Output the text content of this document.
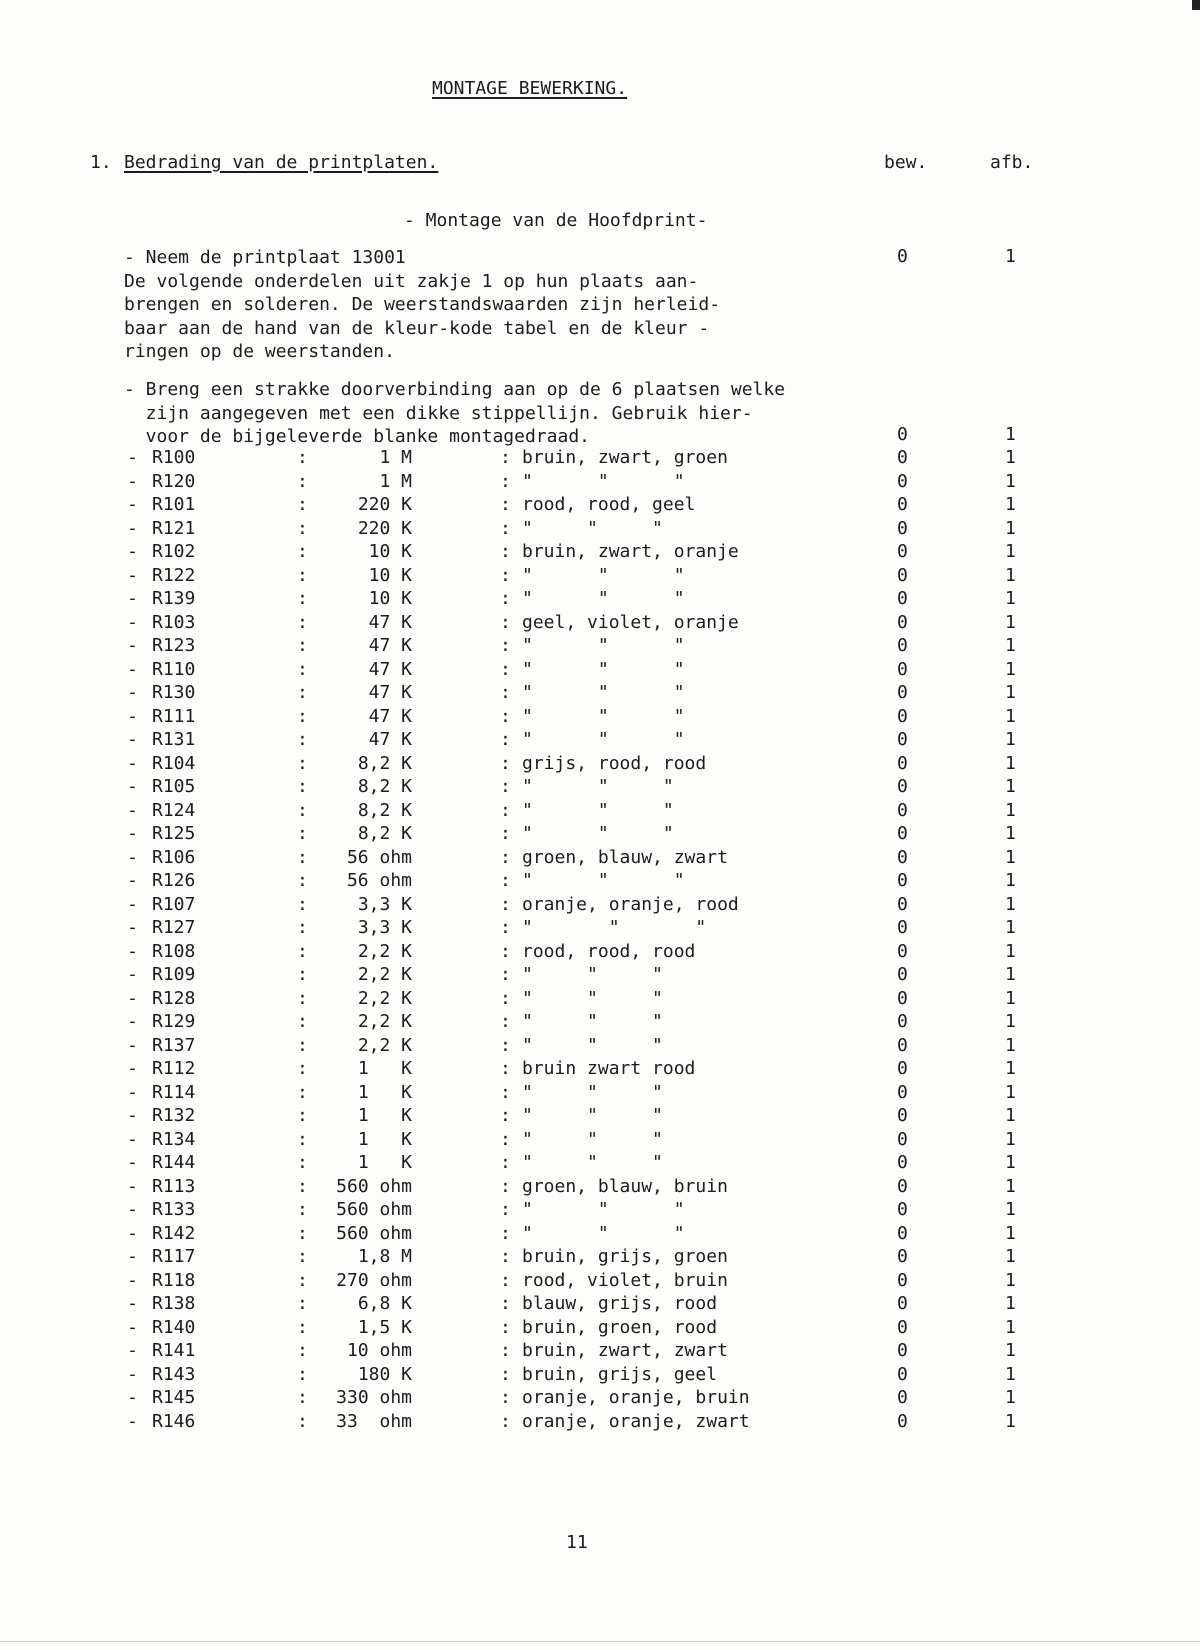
MONTAGE BEWERKING.
1. Bedrading van de printplaten.	bew.	afb.
- Montage van de Hoofdprint-
- Neem de printplaat 13001
De volgende onderdelen uit zakje 1 op hun plaats aan-
brengen en solderen. De weerstandswaarden zijn herleid-
baar aan de hand van de kleur-kode tabel en de kleur -
ringen op de weerstanden.
0	1
- Breng een strakke doorverbinding aan op de 6 plaatsen welke
zijn aangegeven met een dikke stippellijn. Gebruik hier-
voor de bijgeleverde blanke montagedraad.	0	1
- R100	:	1 M	: bruin, zwart, groen	0	1
- R120	:	1 M	: "      "      "	0	1
- R101	:	220 K	: rood, rood, geel	0	1
- R121	:	220 K	: "     "     "	0	1
- R102	:	10 K	: bruin, zwart, oranje	0	1
- R122	:	10 K	: "      "      "	0	1
- R139	:	10 K	: "      "      "	0	1
- R103	:	47 K	: geel, violet, oranje	0	1
- R123	:	47 K	: "      "      "	0	1
- R110	:	47 K	: "      "      "	0	1
- R130	:	47 K	: "      "      "	0	1
- R111	:	47 K	: "      "      "	0	1
- R131	:	47 K	: "      "      "	0	1
- R104	:	8,2 K	: grijs, rood, rood	0	1
- R105	:	8,2 K	: "      "     "	0	1
- R124	:	8,2 K	: "      "     "	0	1
- R125	:	8,2 K	: "      "     "	0	1
- R106	:	56 ohm	: groen, blauw, zwart	0	1
- R126	:	56 ohm	: "      "      "	0	1
- R107	:	3,3 K	: oranje, oranje, rood	0	1
- R127	:	3,3 K	: "       "       "	0	1
- R108	:	2,2 K	: rood, rood, rood	0	1
- R109	:	2,2 K	: "     "     "	0	1
- R128	:	2,2 K	: "     "     "	0	1
- R129	:	2,2 K	: "     "     "	0	1
- R137	:	2,2 K	: "     "     "	0	1
- R112	:	1   K	: bruin zwart rood	0	1
- R114	:	1   K	: "     "     "	0	1
- R132	:	1   K	: "     "     "	0	1
- R134	:	1   K	: "     "     "	0	1
- R144	:	1   K	: "     "     "	0	1
- R113	:	560 ohm	: groen, blauw, bruin	0	1
- R133	:	560 ohm	: "      "      "	0	1
- R142	:	560 ohm	: "      "      "	0	1
- R117	:	1,8 M	: bruin, grijs, groen	0	1
- R118	:	270 ohm	: rood, violet, bruin	0	1
- R138	:	6,8 K	: blauw, grijs, rood	0	1
- R140	:	1,5 K	: bruin, groen, rood	0	1
- R141	:	10 ohm	: bruin, zwart, zwart	0	1
- R143	:	180 K	: bruin, grijs, geel	0	1
- R145	:	330 ohm	: oranje, oranje, bruin	0	1
- R146	:	33  ohm	: oranje, oranje, zwart	0	1
11
